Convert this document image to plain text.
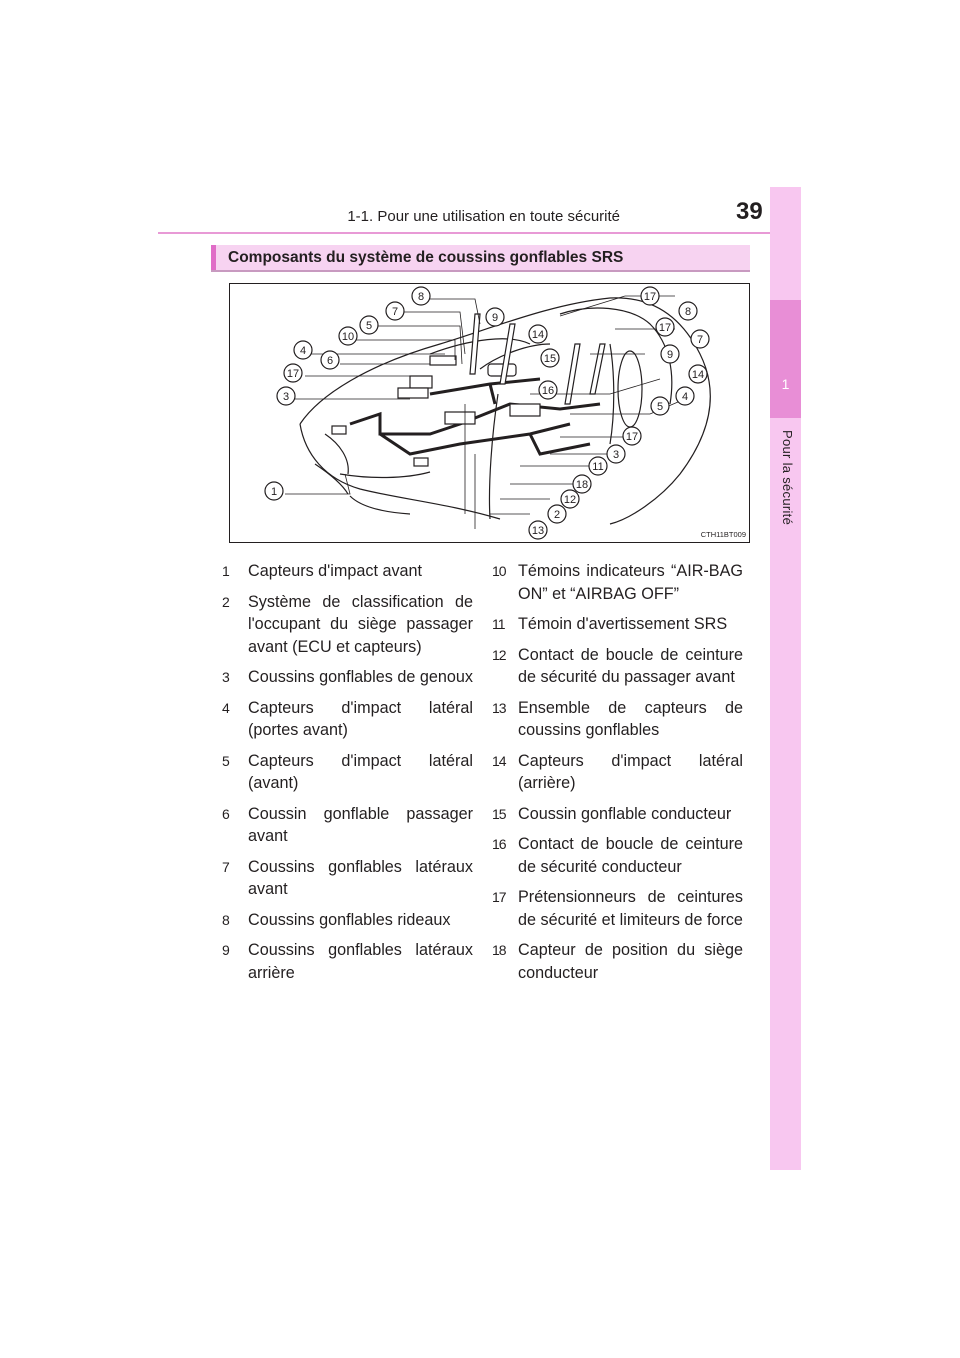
1-1. Pour une utilisation en toute sécurité	39
1
Pour la sécurité
Composants du système de coussins gonflables SRS
8	17
7	9	8
5	17
10	14	7
4
6	15	9
17	14
16	4
3
5
17
3
11
1
18
12
2
13	CTH11BT009
1	Capteurs d'impact avant
2	Système de classification de l'occupant du siège passager avant (ECU et capteurs)
3	Coussins gonflables de genoux
4	Capteurs d'impact latéral (portes avant)
5	Capteurs d'impact latéral (avant)
6	Coussin gonflable passager avant
7	Coussins gonflables latéraux avant
8	Coussins gonflables rideaux
9	Coussins gonflables latéraux arrière
10 Témoins indicateurs “AIR-BAG ON” et “AIRBAG OFF”
11 Témoin d'avertissement SRS
12 Contact de boucle de ceinture de sécurité du passager avant
13 Ensemble de capteurs de coussins gonflables
14 Capteurs d'impact latéral (arrière)
15 Coussin gonflable conducteur
16 Contact de boucle de ceinture de sécurité conducteur
17 Prétensionneurs de ceintures de sécurité et limiteurs de force
18 Capteur de position du siège conducteur
